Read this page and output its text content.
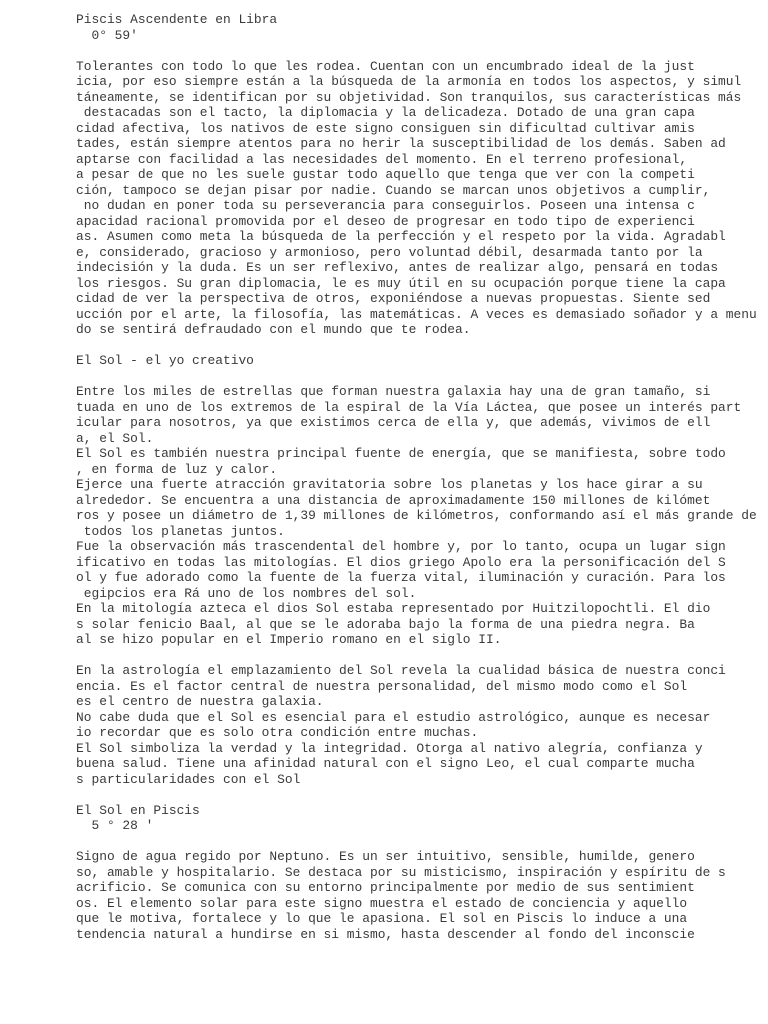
Piscis Ascendente en Libra
0° 59'
Tolerantes con todo lo que les rodea. Cuentan con un encumbrado ideal de la just
icia, por eso siempre están a la búsqueda de la armonía en todos los aspectos, y simul
táneamente, se identifican por su objetividad. Son tranquilos, sus características más
destacadas son el tacto, la diplomacia y la delicadeza. Dotado de una gran capa
cidad afectiva, los nativos de este signo consiguen sin dificultad cultivar amis
tades, están siempre atentos para no herir la susceptibilidad de los demás. Saben ad
aptarse con facilidad a las necesidades del momento. En el terreno profesional,
a pesar de que no les suele gustar todo aquello que tenga que ver con la competi
ción, tampoco se dejan pisar por nadie. Cuando se marcan unos objetivos a cumplir,
no dudan en poner toda su perseverancia para conseguirlos. Poseen una intensa c
apacidad racional promovida por el deseo de progresar en todo tipo de experienci
as. Asumen como meta la búsqueda de la perfección y el respeto por la vida. Agradabl
e, considerado, gracioso y armonioso, pero voluntad débil, desarmada tanto por la
indecisión y la duda. Es un ser reflexivo, antes de realizar algo, pensará en todas
los riesgos. Su gran diplomacia, le es muy útil en su ocupación porque tiene la capa
cidad de ver la perspectiva de otros, exponiéndose a nuevas propuestas. Siente sed
ucción por el arte, la filosofía, las matemáticas. A veces es demasiado soñador y a menu
do se sentirá defraudado con el mundo que te rodea.
El Sol - el yo creativo
Entre los miles de estrellas que forman nuestra galaxia hay una de gran tamaño, si
tuada en uno de los extremos de la espiral de la Vía Láctea, que posee un interés part
icular para nosotros, ya que existimos cerca de ella y, que además, vivimos de ell
a, el Sol.
El Sol es también nuestra principal fuente de energía, que se manifiesta, sobre todo
, en forma de luz y calor.
Ejerce una fuerte atracción gravitatoria sobre los planetas y los hace girar a su
alrededor. Se encuentra a una distancia de aproximadamente 150 millones de kilómet
ros y posee un diámetro de 1,39 millones de kilómetros, conformando así el más grande de
todos los planetas juntos.
Fue la observación más trascendental del hombre y, por lo tanto, ocupa un lugar sign
ificativo en todas las mitologías. El dios griego Apolo era la personificación del S
ol y fue adorado como la fuente de la fuerza vital, iluminación y curación. Para los
egipcios era Rá uno de los nombres del sol.
En la mitología azteca el dios Sol estaba representado por Huitzilopochtli. El dio
s solar fenicio Baal, al que se le adoraba bajo la forma de una piedra negra. Ba
al se hizo popular en el Imperio romano en el siglo II.
En la astrología el emplazamiento del Sol revela la cualidad básica de nuestra conci
encia. Es el factor central de nuestra personalidad, del mismo modo como el Sol
es el centro de nuestra galaxia.
No cabe duda que el Sol es esencial para el estudio astrológico, aunque es necesar
io recordar que es solo otra condición entre muchas.
El Sol simboliza la verdad y la integridad. Otorga al nativo alegría, confianza y
buena salud. Tiene una afinidad natural con el signo Leo, el cual comparte mucha
s particularidades con el Sol
El Sol en Piscis
5 ° 28 '
Signo de agua regido por Neptuno. Es un ser intuitivo, sensible, humilde, genero
so, amable y hospitalario. Se destaca por su misticismo, inspiración y espíritu de s
acrificio. Se comunica con su entorno principalmente por medio de sus sentimient
os. El elemento solar para este signo muestra el estado de conciencia y aquello
que le motiva, fortalece y lo que le apasiona. El sol en Piscis lo induce a una
tendencia natural a hundirse en si mismo, hasta descender al fondo del inconscie
